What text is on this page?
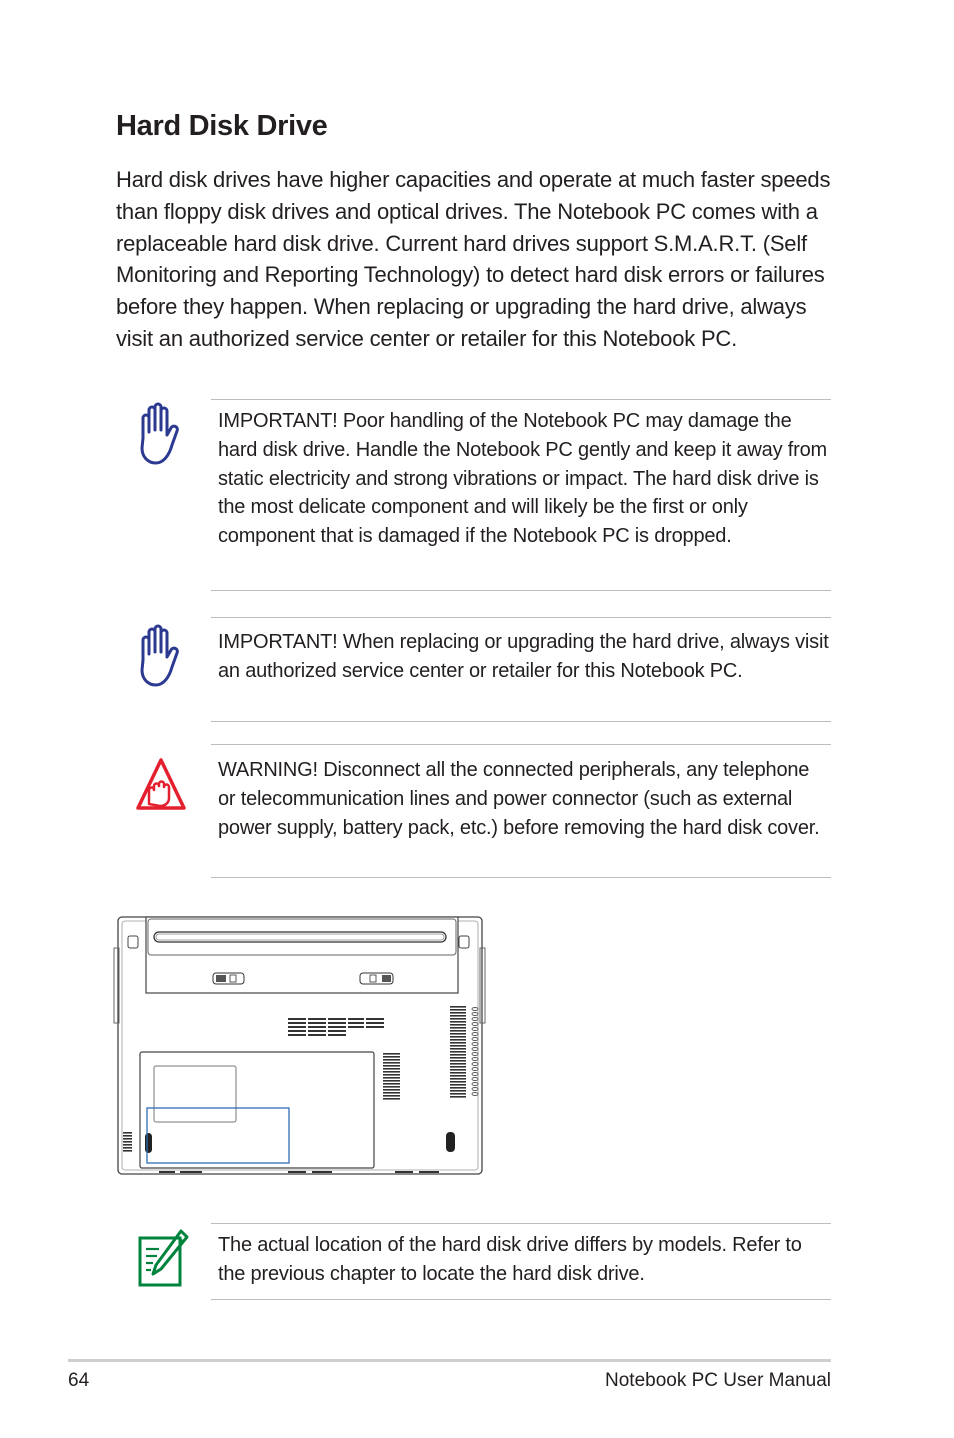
Hard Disk Drive

Hard disk drives have higher capacities and operate at much faster speeds than floppy disk drives and optical drives. The Notebook PC comes with a replaceable hard disk drive. Current hard drives support S.M.A.R.T. (Self Monitoring and Reporting Technology) to detect hard disk errors or failures before they happen. When replacing or upgrading the hard drive, always visit an authorized service center or retailer for this Notebook PC.

IMPORTANT! Poor handling of the Notebook PC may damage the hard disk drive. Handle the Notebook PC gently and keep it away from static electricity and strong vibrations or impact. The hard disk drive is the most delicate component and will likely be the first or only component that is damaged if the Notebook PC is dropped.

IMPORTANT! When replacing or upgrading the hard drive, always visit an authorized service center or retailer for this Notebook PC.

WARNING! Disconnect all the connected peripherals, any telephone or telecommunication lines and power connector (such as external power supply, battery pack, etc.) before removing the hard disk cover.

The actual location of the hard disk drive differs by models. Refer to the previous chapter to locate the hard disk drive.

64	Notebook PC User Manual
